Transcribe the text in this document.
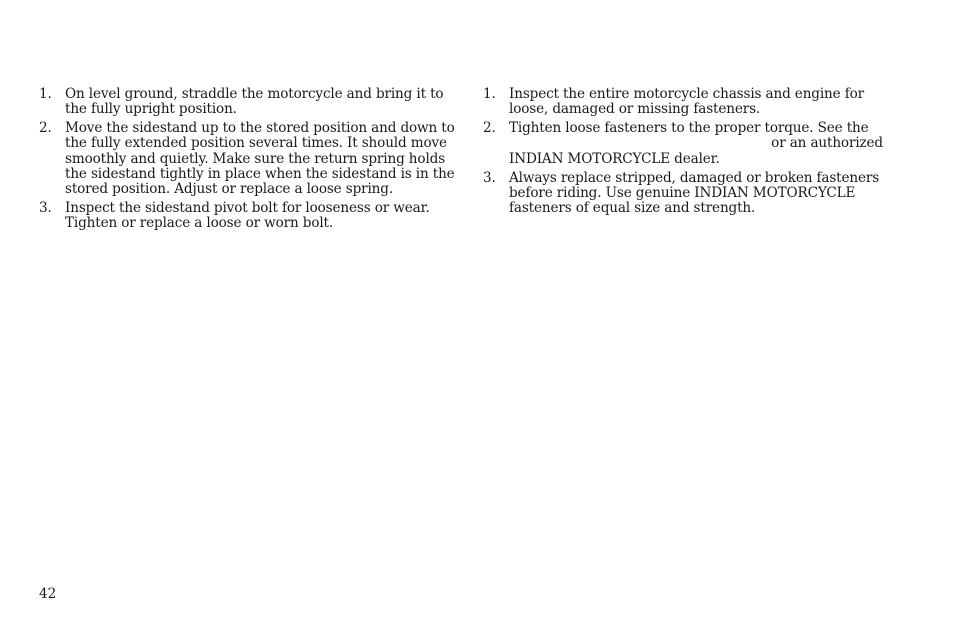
1. On level ground, straddle the motorcycle and bring it to the fully upright position.
2. Move the sidestand up to the stored position and down to the fully extended position several times. It should move smoothly and quietly. Make sure the return spring holds the sidestand tightly in place when the sidestand is in the stored position. Adjust or replace a loose spring.
3. Inspect the sidestand pivot bolt for looseness or wear. Tighten or replace a loose or worn bolt.
1. Inspect the entire motorcycle chassis and engine for loose, damaged or missing fasteners.
2. Tighten loose fasteners to the proper torque. See the  or an authorized INDIAN MOTORCYCLE dealer.
3. Always replace stripped, damaged or broken fasteners before riding. Use genuine INDIAN MOTORCYCLE fasteners of equal size and strength.
42
